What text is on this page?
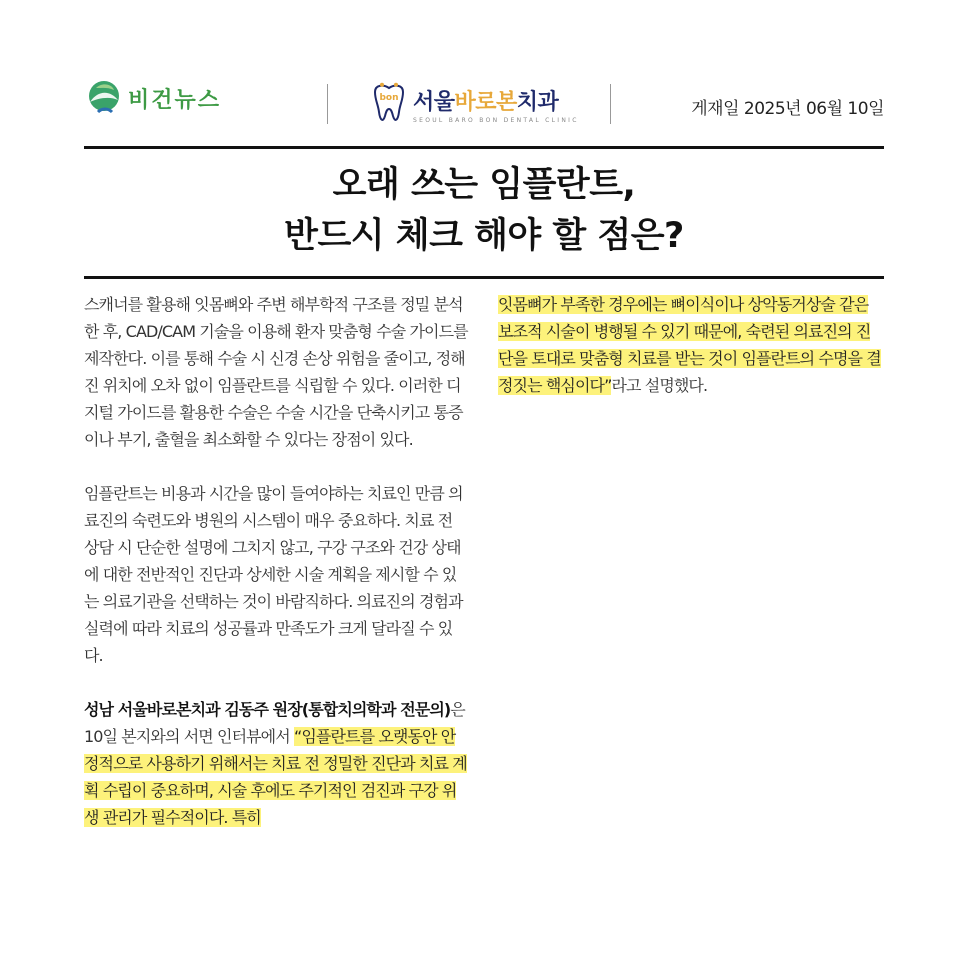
비건뉴스	bon 서울바로본치과
SEOUL BARO BON DENTAL CLINIC
게재일 2025년 06월 10일
오래 쓰는 임플란트,
반드시 체크 해야 할 점은?

스캐너를 활용해 잇몸뼈와 주변 해부학적 구조를 정밀 분석한 후, CAD/CAM 기술을 이용해 환자 맞춤형 수술 가이드를 제작한다. 이를 통해 수술 시 신경 손상 위험을 줄이고, 정해진 위치에 오차 없이 임플란트를 식립할 수 있다. 이러한 디지털 가이드를 활용한 수술은 수술 시간을 단축시키고 통증이나 부기, 출혈을 최소화할 수 있다는 장점이 있다.

임플란트는 비용과 시간을 많이 들여야하는 치료인 만큼 의료진의 숙련도와 병원의 시스템이 매우 중요하다. 치료 전 상담 시 단순한 설명에 그치지 않고, 구강 구조와 건강 상태에 대한 전반적인 진단과 상세한 시술 계획을 제시할 수 있는 의료기관을 선택하는 것이 바람직하다. 의료진의 경험과 실력에 따라 치료의 성공률과 만족도가 크게 달라질 수 있다.

성남 서울바로본치과 김동주 원장(통합치의학과 전문의)은 10일 본지와의 서면 인터뷰에서 “임플란트를 오랫동안 안정적으로 사용하기 위해서는 치료 전 정밀한 진단과 치료 계획 수립이 중요하며, 시술 후에도 주기적인 검진과 구강 위생 관리가 필수적이다. 특히

잇몸뼈가 부족한 경우에는 뼈이식이나 상악동거상술 같은 보조적 시술이 병행될 수 있기 때문에, 숙련된 의료진의 진단을 토대로 맞춤형 치료를 받는 것이 임플란트의 수명을 결정짓는 핵심이다”라고 설명했다.
